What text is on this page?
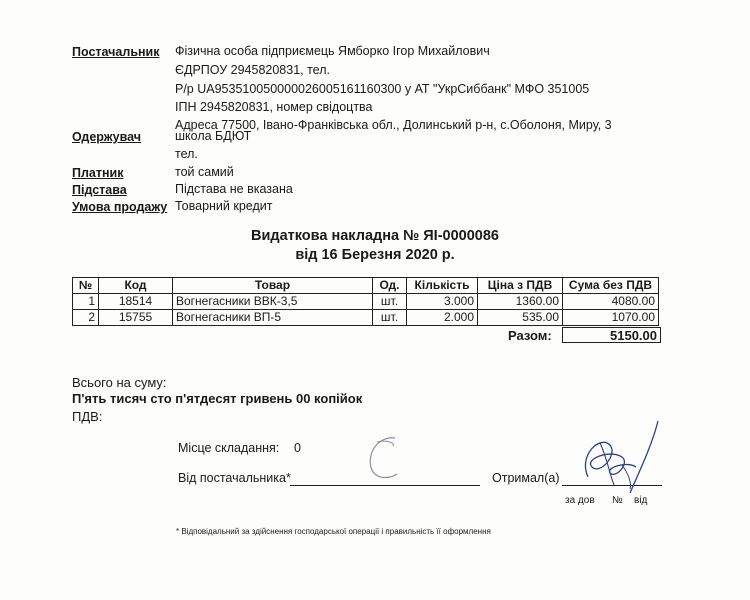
Постачальник Фізична особа підприємець Ямборко Ігор Михайлович
ЄДРПОУ 2945820831, тел.
Р/р UA953510050000026005161160300 у АТ "УкрСиббанк" МФО 351005
ІПН 2945820831, номер свідоцтва
Адреса 77500, Івано-Франківська обл., Долинський р-н, с.Оболоня, Миру, 3
Одержувач	школа БДЮТ
тел.
Платник	той самий
Підстава	Підстава не вказана
Умова продажу Товарний кредит
Видаткова накладна № ЯІ-0000086
від 16 Березня 2020 р.
№	Код	Товар	Од.	Кількість	Ціна з ПДВ	Сума без ПДВ
1	18514	Вогнегасники ВВК-3,5	шт.	3.000	1360.00	4080.00
2	15755	Вогнегасники ВП-5	шт.	2.000	535.00	1070.00
Разом:	5150.00
Всього на суму:
П'ять тисяч сто п'ятдесят гривень 00 копійок
ПДВ:
Місце складання: 0
Від постачальника*	Отримал(а)
за дов № від
* Відповідальний за здійснення господарської операції і правильність її оформлення
